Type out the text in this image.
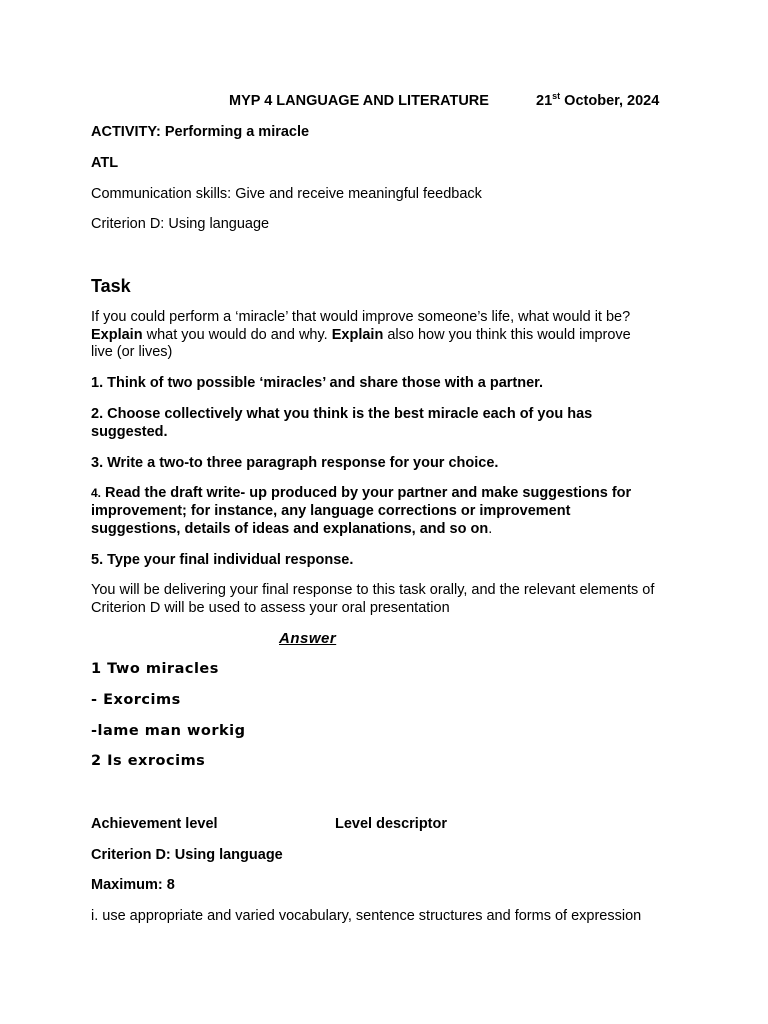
MYP 4 LANGUAGE AND LITERATURE	21st October, 2024
ACTIVITY: Performing a miracle
ATL
Communication skills: Give and receive meaningful feedback
Criterion D: Using language
Task
If you could perform a ‘miracle’ that would improve someone’s life, what would it be?
Explain what you would do and why. Explain also how you think this would improve
live (or lives)
1. Think of two possible ‘miracles’ and share those with a partner.
2. Choose collectively what you think is the best miracle each of you has
suggested.
3. Write a two-to three paragraph response for your choice.
4. Read the draft write- up produced by your partner and make suggestions for
improvement; for instance, any language corrections or improvement
suggestions, details of ideas and explanations, and so on.
5. Type your final individual response.
You will be delivering your final response to this task orally, and the relevant elements of
Criterion D will be used to assess your oral presentation
Answer
1 Two miracles
- Exorcims
-lame man workig
2 Is exrocims
Achievement level	Level descriptor
Criterion D: Using language
Maximum: 8
i. use appropriate and varied vocabulary, sentence structures and forms of expression
